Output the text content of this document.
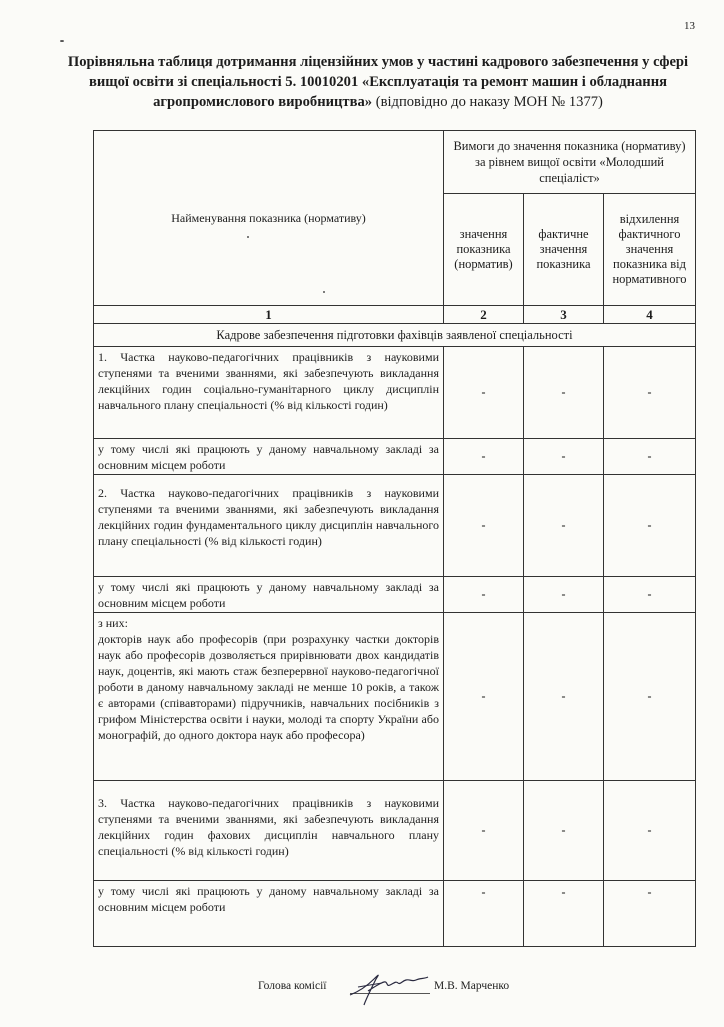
13
Порівняльна таблиця дотримання ліцензійних умов у частині кадрового забезпечення у сфері вищої освіти зі спеціальності 5. 10010201 «Експлуатація та ремонт машин і обладнання агропромислового виробництва» (відповідно до наказу МОН № 1377)
Найменування показника (нормативу)	Вимоги до значення показника (нормативу) за рівнем вищої освіти «Молодший спеціаліст»		
	значення показника (норматив)	фактичне значення показника	відхилення фактичного значення показника від нормативного
1	2	3	4
Кадрове забезпечення підготовки фахівців заявленої спеціальності			
1. Частка науково-педагогічних працівників з науковими ступенями та вченими званнями, які забезпечують викладання лекційних годин соціально-гуманітарного циклу дисциплін навчального плану спеціальності (% від кількості годин)	-	-	-
у тому числі які працюють у даному навчальному закладі за основним місцем роботи	-	-	-
2. Частка науково-педагогічних працівників з науковими ступенями та вченими званнями, які забезпечують викладання лекційних годин фундаментального циклу дисциплін навчального плану спеціальності (% від кількості годин)	-	-	-
у тому числі які працюють у даному навчальному закладі за основним місцем роботи	-	-	-
з них:
докторів наук або професорів (при розрахунку частки докторів наук або професорів дозволяється прирівнювати двох кандидатів наук, доцентів, які мають стаж безперервної науково-педагогічної роботи в даному навчальному закладі не менше 10 років, а також є авторами (співавторами) підручників, навчальних посібників з грифом Міністерства освіти і науки, молоді та спорту України або монографій, до одного доктора наук або професора)	-	-	-
3. Частка науково-педагогічних працівників з науковими ступенями та вченими званнями, які забезпечують викладання лекційних годин фахових дисциплін навчального плану спеціальності (% від кількості годин)	-	-	-
у тому числі які працюють у даному навчальному закладі за основним місцем роботи	-	-	-
Голова комісії	М.В. Марченко
